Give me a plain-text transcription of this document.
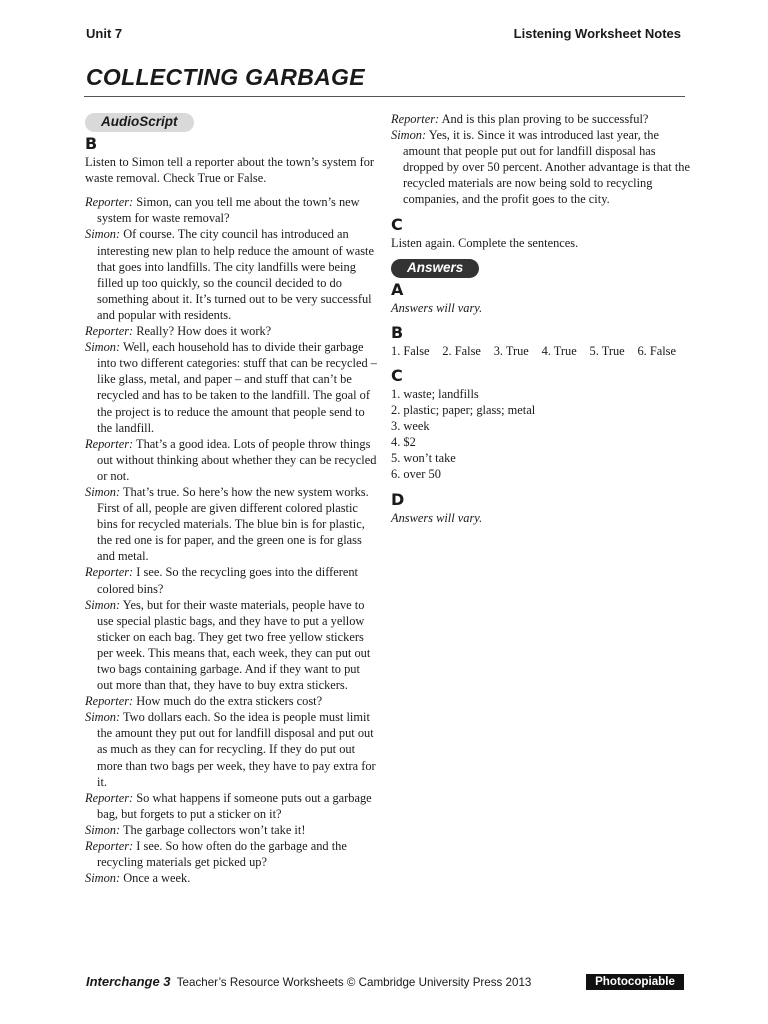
Unit 7	Listening Worksheet Notes
COLLECTING GARBAGE
AudioScript
B

Listen to Simon tell a reporter about the town’s system for waste removal. Check True or False.

Reporter: Simon, can you tell me about the town’s new system for waste removal?

Simon: Of course. The city council has introduced an interesting new plan to help reduce the amount of waste that goes into landfills. The city landfills were being filled up too quickly, so the council decided to do something about it. It’s turned out to be very successful and popular with residents.

Reporter: Really? How does it work?

Simon: Well, each household has to divide their garbage into two different categories: stuff that can be recycled – like glass, metal, and paper – and stuff that can’t be recycled and has to be taken to the landfill. The goal of the project is to reduce the amount that people send to the landfill.

Reporter: That’s a good idea. Lots of people throw things out without thinking about whether they can be recycled or not.

Simon: That’s true. So here’s how the new system works. First of all, people are given different colored plastic bins for recycled materials. The blue bin is for plastic, the red one is for paper, and the green one is for glass and metal.

Reporter: I see. So the recycling goes into the different colored bins?

Simon: Yes, but for their waste materials, people have to use special plastic bags, and they have to put a yellow sticker on each bag. They get two free yellow stickers per week. This means that, each week, they can put out two bags containing garbage. And if they want to put out more than that, they have to buy extra stickers.

Reporter: How much do the extra stickers cost?

Simon: Two dollars each. So the idea is people must limit the amount they put out for landfill disposal and put out as much as they can for recycling. If they do put out more than two bags per week, they have to pay extra for it.

Reporter: So what happens if someone puts out a garbage bag, but forgets to put a sticker on it?

Simon: The garbage collectors won’t take it!

Reporter: I see. So how often do the garbage and the recycling materials get picked up?

Simon: Once a week.

Reporter: And is this plan proving to be successful?

Simon: Yes, it is. Since it was introduced last year, the amount that people put out for landfill disposal has dropped by over 50 percent. Another advantage is that the recycled materials are now being sold to recycling companies, and the profit goes to the city.

C

Listen again. Complete the sentences.

Answers
A

Answers will vary.

B
1. False 2. False 3. True 4. True 5. True 6. False
C
1. waste; landfills
2. plastic; paper; glass; metal
3. week
4. $2
5. won’t take
6. over 50
D

Answers will vary.

Interchange 3 Teacher’s Resource Worksheets © Cambridge University Press 2013	Photocopiable
